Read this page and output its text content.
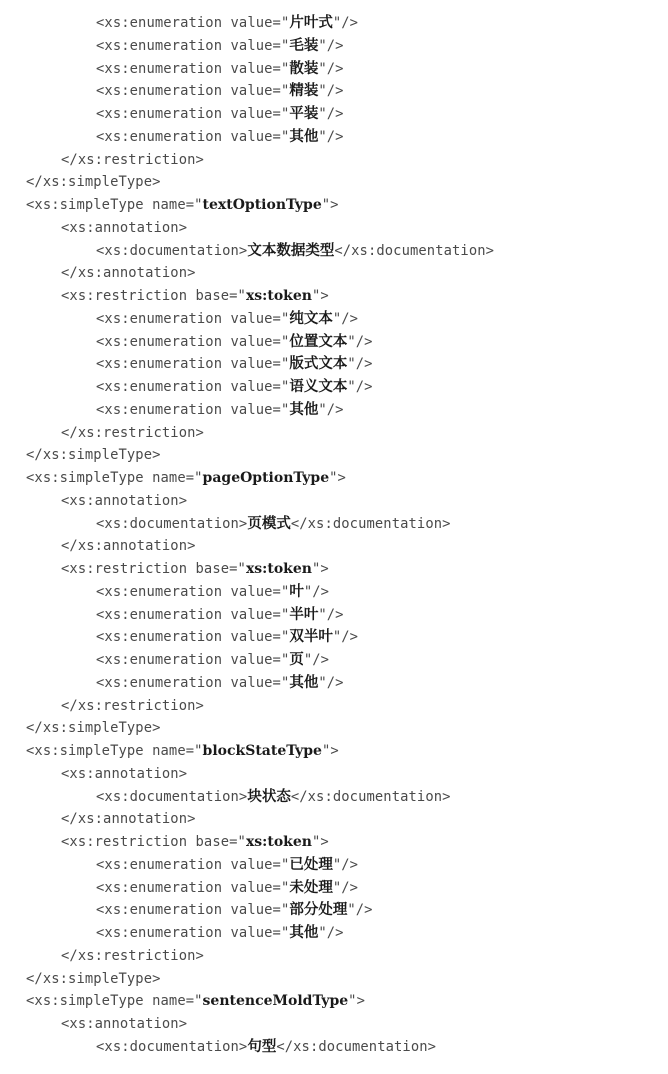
<xs:enumeration value="片叶式"/>
<xs:enumeration value="毛装"/>
<xs:enumeration value="散装"/>
<xs:enumeration value="精装"/>
<xs:enumeration value="平装"/>
<xs:enumeration value="其他"/>
</xs:restriction>
</xs:simpleType>
<xs:simpleType name="textOptionType">
<xs:annotation>
<xs:documentation>文本数据类型</xs:documentation>
</xs:annotation>
<xs:restriction base="xs:token">
<xs:enumeration value="纯文本"/>
<xs:enumeration value="位置文本"/>
<xs:enumeration value="版式文本"/>
<xs:enumeration value="语义文本"/>
<xs:enumeration value="其他"/>
</xs:restriction>
</xs:simpleType>
<xs:simpleType name="pageOptionType">
<xs:annotation>
<xs:documentation>页模式</xs:documentation>
</xs:annotation>
<xs:restriction base="xs:token">
<xs:enumeration value="叶"/>
<xs:enumeration value="半叶"/>
<xs:enumeration value="双半叶"/>
<xs:enumeration value="页"/>
<xs:enumeration value="其他"/>
</xs:restriction>
</xs:simpleType>
<xs:simpleType name="blockStateType">
<xs:annotation>
<xs:documentation>块状态</xs:documentation>
</xs:annotation>
<xs:restriction base="xs:token">
<xs:enumeration value="已处理"/>
<xs:enumeration value="未处理"/>
<xs:enumeration value="部分处理"/>
<xs:enumeration value="其他"/>
</xs:restriction>
</xs:simpleType>
<xs:simpleType name="sentenceMoldType">
<xs:annotation>
<xs:documentation>句型</xs:documentation>
